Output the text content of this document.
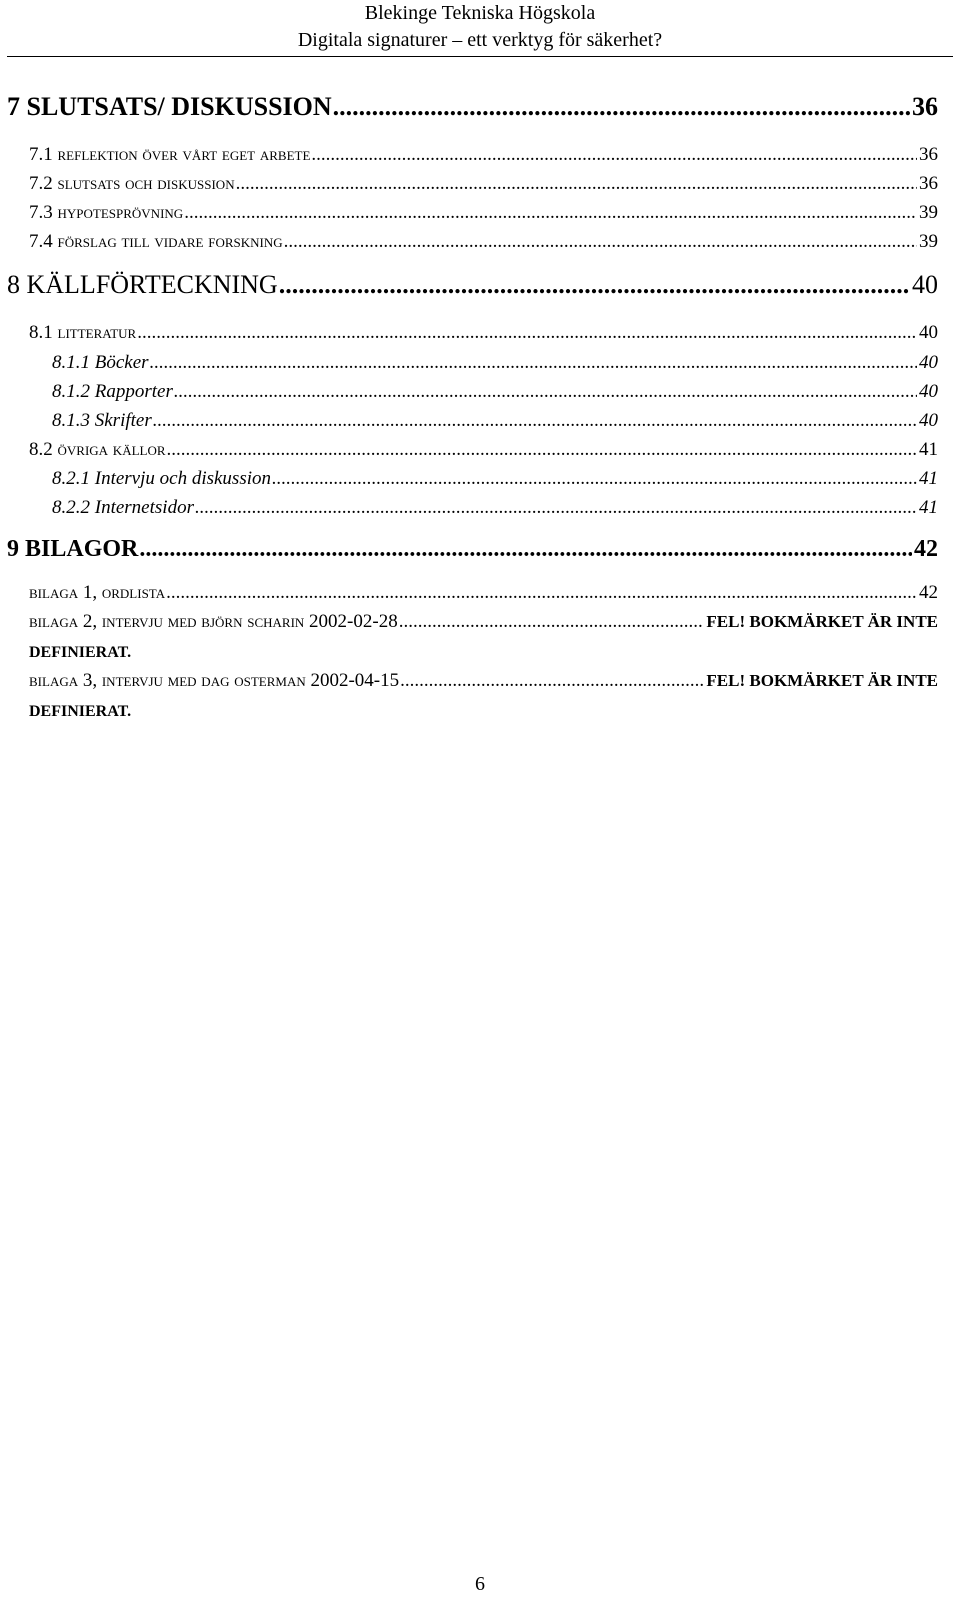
Blekinge Tekniska Högskola
Digitala signaturer – ett verktyg för säkerhet?
7 SLUTSATS/ DISKUSSION .....	36
7.1 reflektion över vårt eget arbete .....	36
7.2 slutsats och diskussion .....	36
7.3 hypotesprövning .....	39
7.4 förslag till vidare forskning .....	39
8 KÄLLFÖRTECKNING .....	40
8.1 litteratur .....	40
8.1.1 Böcker .....	40
8.1.2 Rapporter .....	40
8.1.3 Skrifter .....	40
8.2 övriga källor .....	41
8.2.1 Intervju och diskussion .....	41
8.2.2 Internetsidor .....	41
9 BILAGOR .....	42
bilaga 1, ordlista .....	42
bilaga 2, intervju med björn scharin 2002-02-28 .....	FEL! BOKMÄRKET ÄR INTE
DEFINIERAT.
bilaga 3, intervju med dag osterman 2002-04-15 .....	FEL! BOKMÄRKET ÄR INTE
DEFINIERAT.
6
